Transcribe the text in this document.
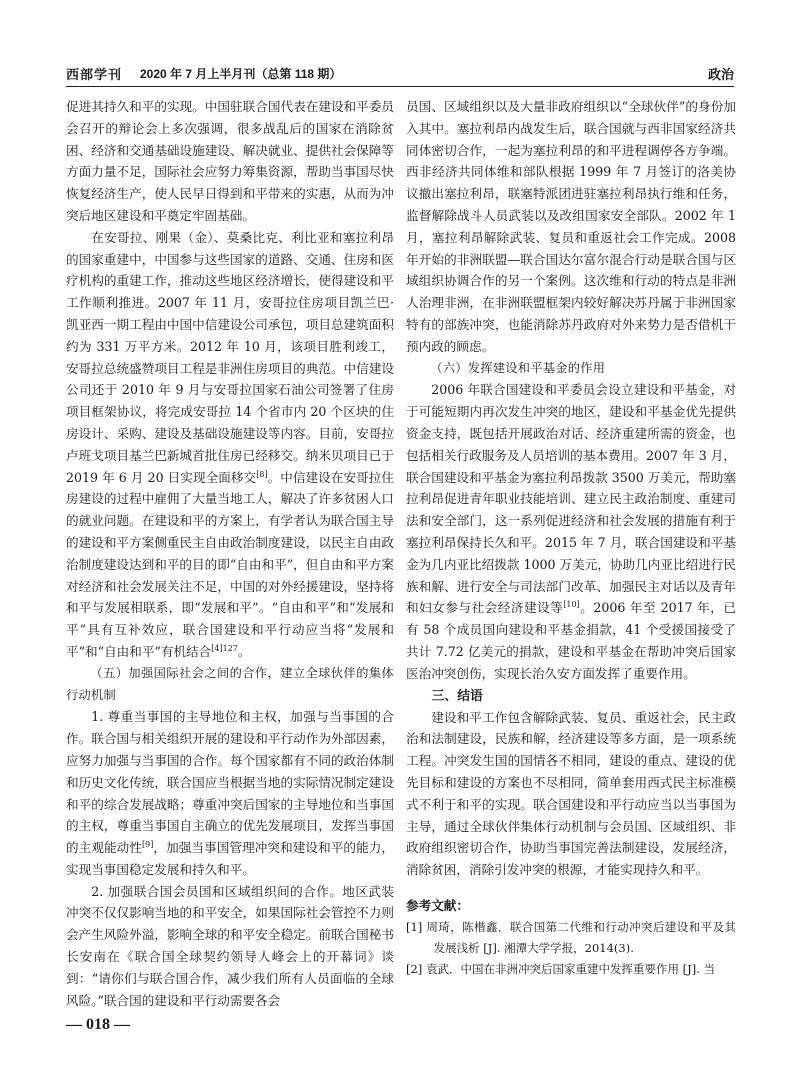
西部学刊 2020 年 7 月上半月刊（总第 118 期）	政治

促进其持久和平的实现。中国驻联合国代表在建设和平委员会召开的辩论会上多次强调，很多战乱后的国家在消除贫困、经济和交通基础设施建设、解决就业、提供社会保障等方面力量不足，国际社会应努力筹集资源，帮助当事国尽快恢复经济生产，使人民早日得到和平带来的实惠，从而为冲突后地区建设和平奠定牢固基础。

在安哥拉、刚果（金）、莫桑比克、利比亚和塞拉利昂的国家重建中，中国参与这些国家的道路、交通、住房和医疗机构的重建工作，推动这些地区经济增长，使得建设和平工作顺利推进。2007 年 11 月，安哥拉住房项目凯兰巴·凯亚西一期工程由中国中信建设公司承包，项目总建筑面积约为 331 万平方米。2012 年 10 月，该项目胜利竣工，安哥拉总统盛赞项目工程是非洲住房项目的典范。中信建设公司还于 2010 年 9 月与安哥拉国家石油公司签署了住房项目框架协议，将完成安哥拉 14 个省市内 20 个区块的住房设计、采购、建设及基础设施建设等内容。目前，安哥拉卢班戈项目基兰巴新城首批住房已经移交。纳米贝项目已于 2019 年 6 月 20 日实现全面移交[8]。中信建设在安哥拉住房建设的过程中雇佣了大量当地工人，解决了许多贫困人口的就业问题。在建设和平的方案上，有学者认为联合国主导的建设和平方案侧重民主自由政治制度建设，以民主自由政治制度建设达到和平的目的即“自由和平”，但自由和平方案对经济和社会发展关注不足，中国的对外经援建设，坚持将和平与发展相联系，即“发展和平”。“自由和平”和“发展和平”具有互补效应，联合国建设和平行动应当将“发展和平”和“自由和平”有机结合$^{[4]127}$。

（五）加强国际社会之间的合作，建立全球伙伴的集体行动机制

1. 尊重当事国的主导地位和主权，加强与当事国的合作。联合国与相关组织开展的建设和平行动作为外部因素，应努力加强与当事国的合作。每个国家都有不同的政治体制和历史文化传统，联合国应当根据当地的实际情况制定建设和平的综合发展战略；尊重冲突后国家的主导地位和当事国的主权，尊重当事国自主确立的优先发展项目，发挥当事国的主观能动性[9]，加强当事国管理冲突和建设和平的能力，实现当事国稳定发展和持久和平。

2. 加强联合国会员国和区域组织间的合作。地区武装冲突不仅仅影响当地的和平安全，如果国际社会管控不力则会产生风险外溢，影响全球的和平安全稳定。前联合国秘书长安南在《联合国全球契约领导人峰会上的开幕词》谈到：“请你们与联合国合作，减少我们所有人员面临的全球风险。”联合国的建设和平行动需要各会

员国、区域组织以及大量非政府组织以“全球伙伴”的身份加入其中。塞拉利昂内战发生后，联合国就与西非国家经济共同体密切合作，一起为塞拉利昂的和平进程调停各方争端。西非经济共同体维和部队根据 1999 年 7 月签订的洛美协议撤出塞拉利昂，联塞特派团进驻塞拉利昂执行维和任务，监督解除战斗人员武装以及改组国家安全部队。2002 年 1 月，塞拉利昂解除武装、复员和重返社会工作完成。2008 年开始的非洲联盟—联合国达尔富尔混合行动是联合国与区域组织协调合作的另一个案例。这次维和行动的特点是非洲人治理非洲，在非洲联盟框架内较好解决苏丹属于非洲国家特有的部族冲突，也能消除苏丹政府对外来势力是否借机干预内政的顾虑。

（六）发挥建设和平基金的作用

2006 年联合国建设和平委员会设立建设和平基金，对于可能短期内再次发生冲突的地区，建设和平基金优先提供资金支持，既包括开展政治对话、经济重建所需的资金，也包括相关行政服务及人员培训的基本费用。2007 年 3 月，联合国建设和平基金为塞拉利昂拨款 3500 万美元，帮助塞拉利昂促进青年职业技能培训、建立民主政治制度、重建司法和安全部门，这一系列促进经济和社会发展的措施有利于塞拉利昂保持长久和平。2015 年 7 月，联合国建设和平基金为几内亚比绍拨款 1000 万美元，协助几内亚比绍进行民族和解、进行安全与司法部门改革、加强民主对话以及青年和妇女参与社会经济建设等[10]。2006 年至 2017 年，已有 58 个成员国向建设和平基金捐款，41 个受援国接受了共计 7.72 亿美元的捐款，建设和平基金在帮助冲突后国家医治冲突创伤，实现长治久安方面发挥了重要作用。

三、结语

建设和平工作包含解除武装、复员、重返社会，民主政治和法制建设，民族和解，经济建设等多方面，是一项系统工程。冲突发生国的国情各不相同，建设的重点、建设的优先目标和建设的方案也不尽相同，简单套用西式民主标准模式不利于和平的实现。联合国建设和平行动应当以当事国为主导，通过全球伙伴集体行动机制与会员国、区域组织、非政府组织密切合作，协助当事国完善法制建设，发展经济，消除贫困，消除引发冲突的根源，才能实现持久和平。

参考文献：
[1] 周琦，陈楷鑫．联合国第二代维和行动冲突后建设和平及其发展浅析 [J]. 湘潭大学学报，2014(3).
[2] 袁武．中国在非洲冲突后国家重建中发挥重要作用 [J]. 当
— 018 —
